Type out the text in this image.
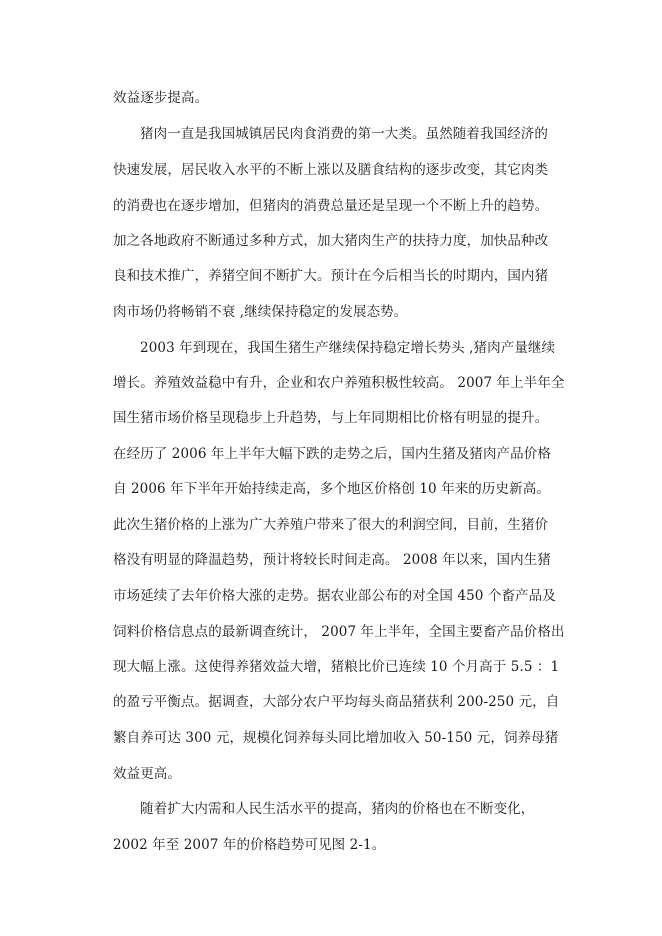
效益逐步提高。
猪肉一直是我国城镇居民肉食消费的第一大类。虽然随着我国经济的
快速发展，居民收入水平的不断上涨以及膳食结构的逐步改变，其它肉类
的消费也在逐步增加，但猪肉的消费总量还是呈现一个不断上升的趋势。
加之各地政府不断通过多种方式，加大猪肉生产的扶持力度，加快品种改
良和技术推广，养猪空间不断扩大。预计在今后相当长的时期内，国内猪
肉市场仍将畅销不衰 ,继续保持稳定的发展态势。
2003 年到现在，我国生猪生产继续保持稳定增长势头 ,猪肉产量继续
增长。养殖效益稳中有升，企业和农户养殖积极性较高。 2007 年上半年全
国生猪市场价格呈现稳步上升趋势，与上年同期相比价格有明显的提升。
在经历了 2006 年上半年大幅下跌的走势之后，国内生猪及猪肉产品价格
自 2006 年下半年开始持续走高，多个地区价格创 10 年来的历史新高。
此次生猪价格的上涨为广大养殖户带来了很大的利润空间，目前，生猪价
格没有明显的降温趋势，预计将较长时间走高。 2008 年以来，国内生猪
市场延续了去年价格大涨的走势。据农业部公布的对全国 450 个畜产品及
饲料价格信息点的最新调查统计， 2007 年上半年，全国主要畜产品价格出
现大幅上涨。这使得养猪效益大增，猪粮比价已连续 10 个月高于 5.5 ：1
的盈亏平衡点。据调查，大部分农户平均每头商品猪获利 200-250 元，自
繁自养可达 300 元，规模化饲养每头同比增加收入 50-150 元，饲养母猪
效益更高。
随着扩大内需和人民生活水平的提高，猪肉的价格也在不断变化，
2002 年至 2007 年的价格趋势可见图 2-1。
